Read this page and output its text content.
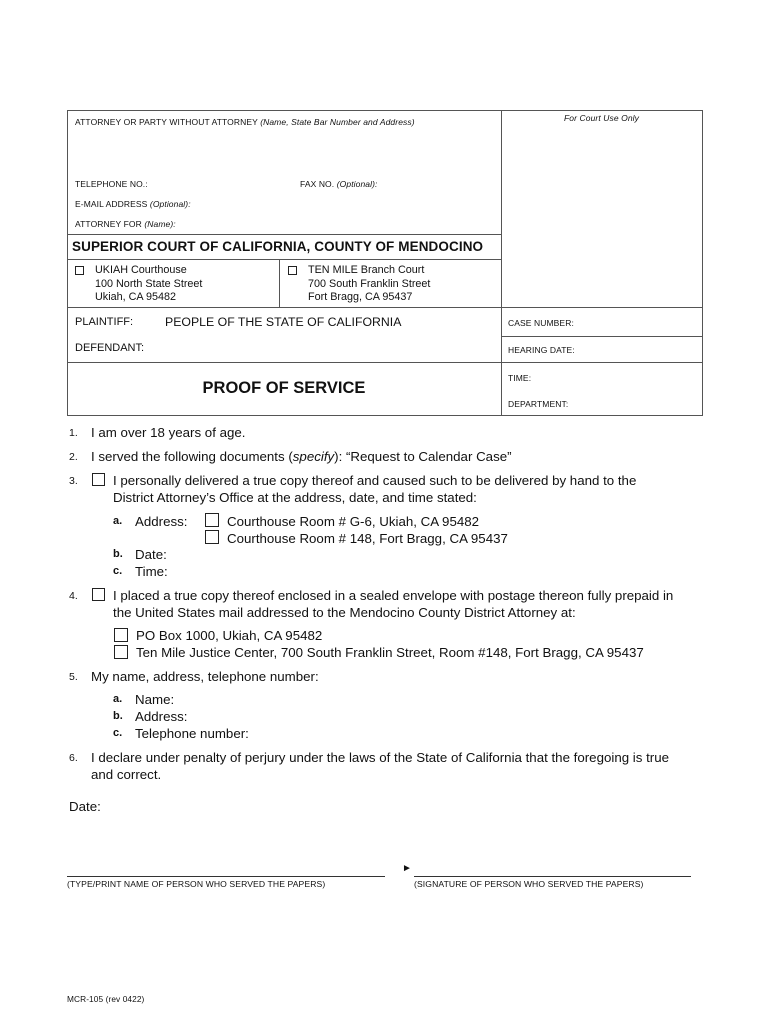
ATTORNEY OR PARTY WITHOUT ATTORNEY (Name, State Bar Number and Address)	For Court Use Only
TELEPHONE NO.:	FAX NO. (Optional):
E-MAIL ADDRESS (Optional):
ATTORNEY FOR (Name):
SUPERIOR COURT OF CALIFORNIA, COUNTY OF MENDOCINO
UKIAH Courthouse
100 North State Street
Ukiah, CA 95482
TEN MILE Branch Court
700 South Franklin Street
Fort Bragg, CA 95437
PLAINTIFF:	PEOPLE OF THE STATE OF CALIFORNIA
DEFENDANT:
CASE NUMBER:
HEARING DATE:
TIME:
DEPARTMENT:
PROOF OF SERVICE
1. I am over 18 years of age.
2. I served the following documents (specify): “Request to Calendar Case”
3.	I personally delivered a true copy thereof and caused such to be delivered by hand to the
District Attorney’s Office at the address, date, and time stated:
a. Address:	Courthouse Room # G-6, Ukiah, CA 95482
Courthouse Room # 148, Fort Bragg, CA 95437
b. Date:
c. Time:
4.	I placed a true copy thereof enclosed in a sealed envelope with postage thereon fully prepaid in
the United States mail addressed to the Mendocino County District Attorney at:
PO Box 1000, Ukiah, CA 95482
Ten Mile Justice Center, 700 South Franklin Street, Room #148, Fort Bragg, CA 95437
5. My name, address, telephone number:
a. Name:
b. Address:
c. Telephone number:
6. I declare under penalty of perjury under the laws of the State of California that the foregoing is true
and correct.
Date:
(TYPE/PRINT NAME OF PERSON WHO SERVED THE PAPERS)
►
(SIGNATURE OF PERSON WHO SERVED THE PAPERS)
MCR-105 (rev 0422)
